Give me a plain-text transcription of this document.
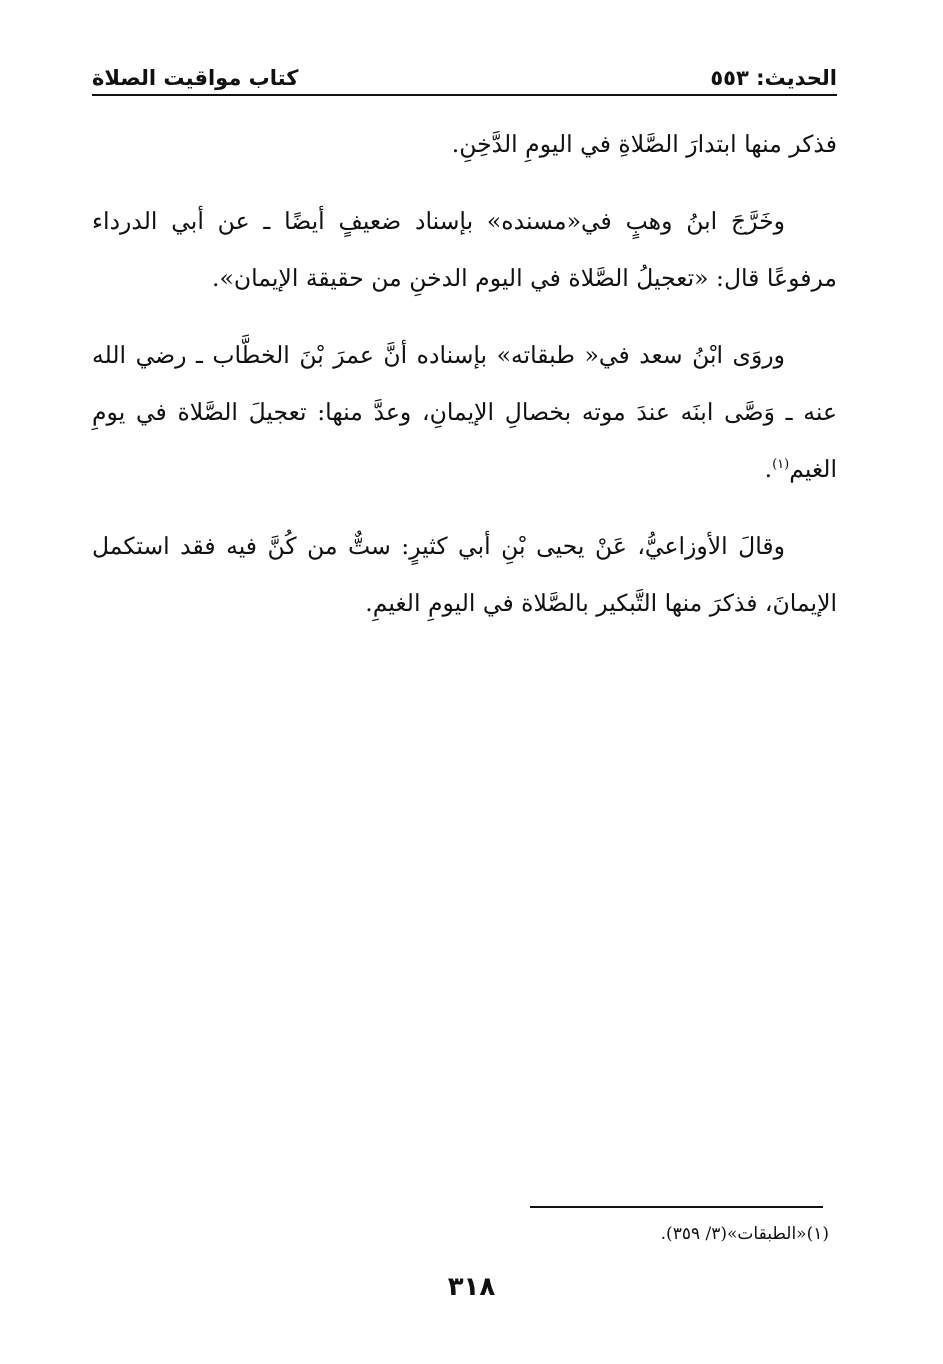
الحديث: ٥٥٣
كتاب مواقيت الصلاة

فذكر منها ابتدارَ الصَّلاةِ في اليومِ الدَّخِنِ.

وخَرَّجَ ابنُ وهبٍ في«مسنده» بإسناد ضعيفٍ أيضًا ـ عن أبي الدرداء مرفوعًا قال: «تعجيلُ الصَّلاة في اليوم الدخنِ من حقيقة الإيمان».

وروَى ابْنُ سعد في« طبقاته» بإسناده أنَّ عمرَ بْنَ الخطَّاب ـ رضي الله عنه ـ وَصَّى ابنَه عندَ موته بخصالِ الإيمانِ، وعدَّ منها: تعجيلَ الصَّلاة في يومِ الغيم$^{(١)}$.

وقالَ الأوزاعيُّ، عَنْ يحيى بْنِ أبي كثيرٍ: ستٌّ من كُنَّ فيه فقد استكمل الإيمانَ، فذكرَ منها التَّبكير بالصَّلاة في اليومِ الغيمِ.

(١)«الطبقات»(٣/ ٣٥٩).
٣١٨
